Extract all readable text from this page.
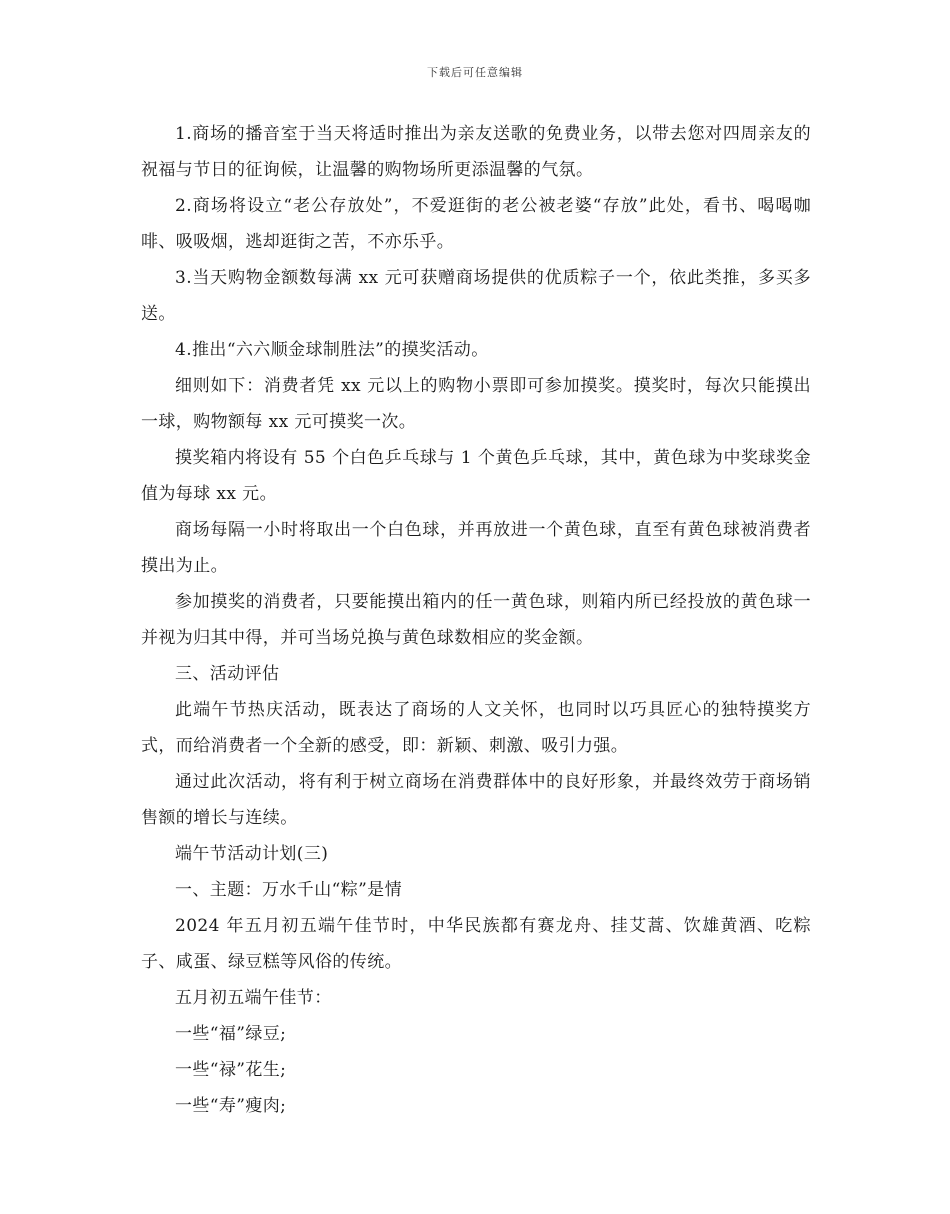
下载后可任意编辑

1.商场的播音室于当天将适时推出为亲友送歌的免费业务，以带去您对四周亲友的祝福与节日的征询候，让温馨的购物场所更添温馨的气氛。

2.商场将设立“老公存放处”，不爱逛街的老公被老婆“存放”此处，看书、喝喝咖啡、吸吸烟，逃却逛街之苦，不亦乐乎。

3.当天购物金额数每满 xx 元可获赠商场提供的优质粽子一个，依此类推，多买多送。

4.推出“六六顺金球制胜法”的摸奖活动。

细则如下：消费者凭 xx 元以上的购物小票即可参加摸奖。摸奖时，每次只能摸出一球，购物额每 xx 元可摸奖一次。

摸奖箱内将设有 55 个白色乒乓球与 1 个黄色乒乓球，其中，黄色球为中奖球奖金值为每球 xx 元。

商场每隔一小时将取出一个白色球，并再放进一个黄色球，直至有黄色球被消费者摸出为止。

参加摸奖的消费者，只要能摸出箱内的任一黄色球，则箱内所已经投放的黄色球一并视为归其中得，并可当场兑换与黄色球数相应的奖金额。

三、活动评估

此端午节热庆活动，既表达了商场的人文关怀，也同时以巧具匠心的独特摸奖方式，而给消费者一个全新的感受，即：新颖、刺激、吸引力强。

通过此次活动，将有利于树立商场在消费群体中的良好形象，并最终效劳于商场销售额的增长与连续。

端午节活动计划(三)

一、主题：万水千山“粽”是情

2024 年五月初五端午佳节时，中华民族都有赛龙舟、挂艾蒿、饮雄黄酒、吃粽子、咸蛋、绿豆糕等风俗的传统。

五月初五端午佳节：

一些“福”绿豆;

一些“禄”花生;

一些“寿”瘦肉;
